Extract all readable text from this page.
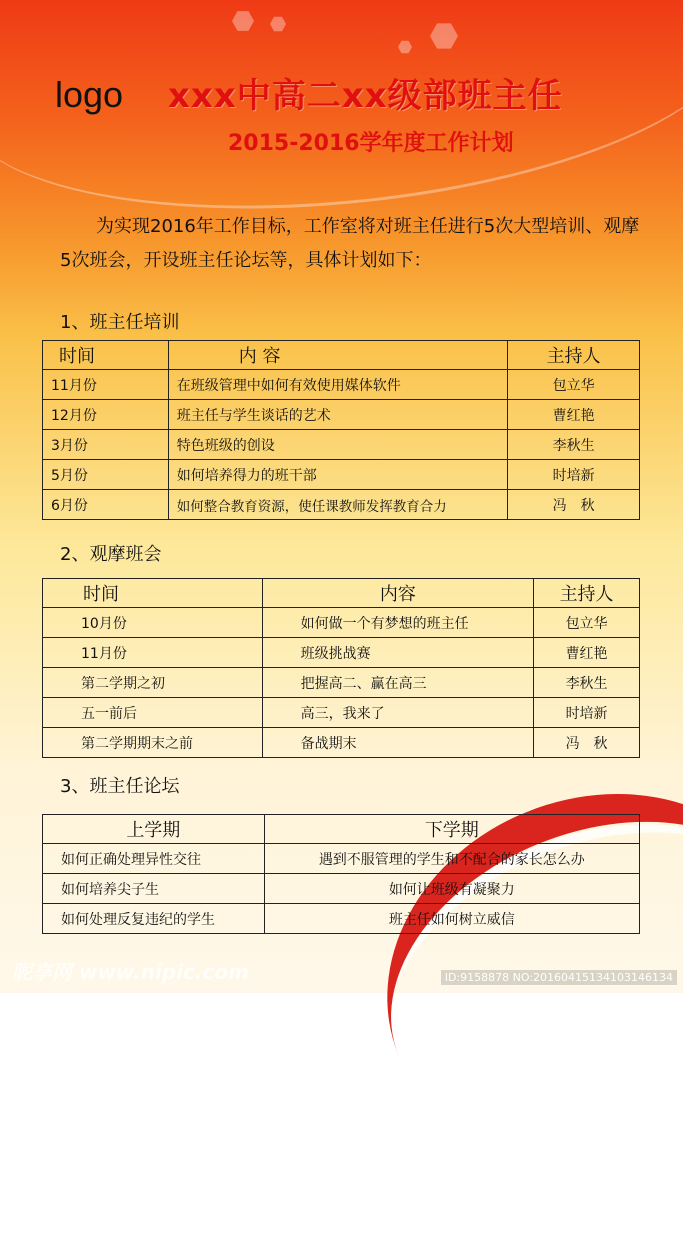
logo xxx中高二xx级部班主任
2015-2016学年度工作计划
为实现2016年工作目标，工作室将对班主任进行5次大型培训、观摩5次班会，开设班主任论坛等，具体计划如下：
1、班主任培训
时间	内 容	主持人
11月份	在班级管理中如何有效使用媒体软件	包立华
12月份	班主任与学生谈话的艺术	曹红艳
3月份	特色班级的创设	李秋生
5月份	如何培养得力的班干部	时培新
6月份	如何整合教育资源，使任课教师发挥教育合力	冯　秋
2、观摩班会
时间	内容	主持人
10月份	如何做一个有梦想的班主任	包立华
11月份	班级挑战赛	曹红艳
第二学期之初	把握高二、赢在高三	李秋生
五一前后	高三，我来了	时培新
第二学期期末之前	备战期末	冯　秋
3、班主任论坛
上学期	下学期
如何正确处理异性交往	遇到不服管理的学生和不配合的家长怎么办
如何培养尖子生	如何让班级有凝聚力
如何处理反复违纪的学生	班主任如何树立威信
昵享网 www.nipic.com	ID:9158878 NO:20160415134103146134
